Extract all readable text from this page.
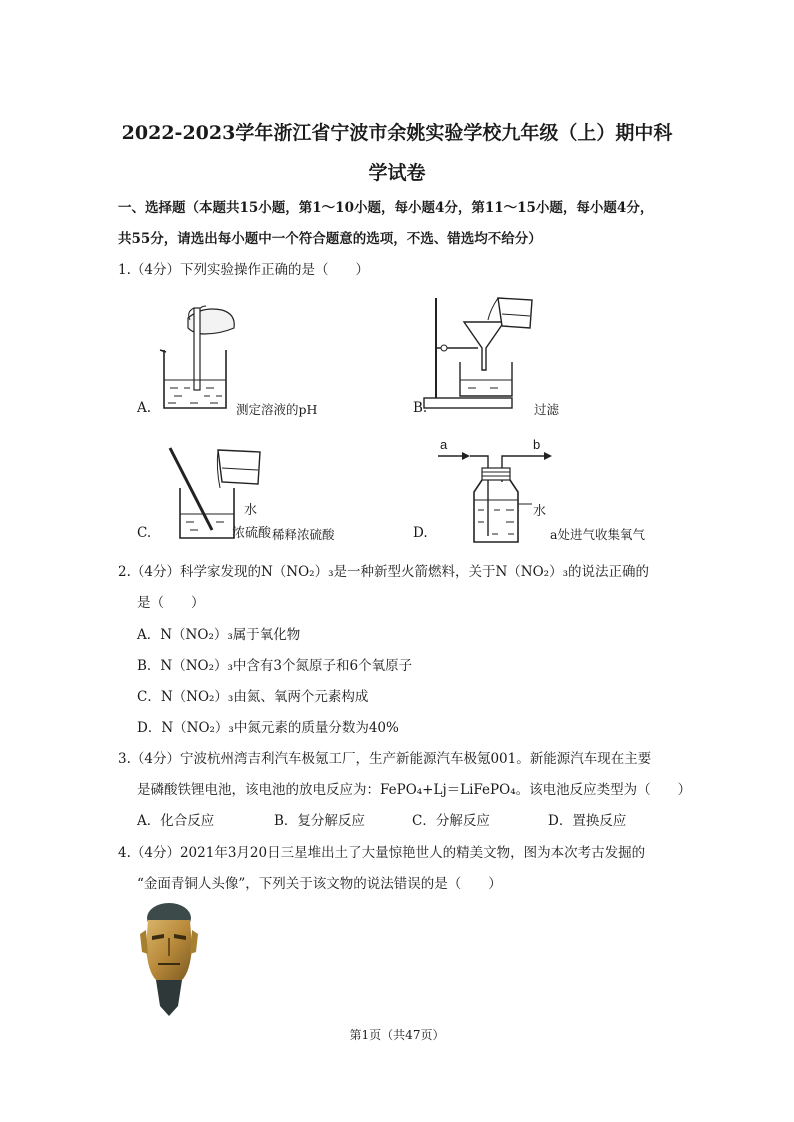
2022-2023学年浙江省宁波市余姚实验学校九年级（上）期中科
学试卷
一、选择题（本题共15小题，第1～10小题，每小题4分，第11～15小题，每小题4分，
共55分，请选出每小题中一个符合题意的选项，不选、错选均不给分）
1.（4分）下列实验操作正确的是（　　）
A.	测定溶液的pH	B.	过滤
水
浓硫酸
C.	稀释浓硫酸
a	b
水
D.	a处进气收集氧气
2.（4分）科学家发现的N（NO₂）₃是一种新型火箭燃料，关于N（NO₂）₃的说法正确的
是（　　）
A．N（NO₂）₃属于氧化物
B．N（NO₂）₃中含有3个氮原子和6个氧原子
C．N（NO₂）₃由氮、氧两个元素构成
D．N（NO₂）₃中氮元素的质量分数为40%
3.（4分）宁波杭州湾吉利汽车极氪工厂，生产新能源汽车极氪001。新能源汽车现在主要
是磷酸铁锂电池，该电池的放电反应为：FePO₄+Lj＝LiFePO₄。该电池反应类型为（　　）
A．化合反应	B．复分解反应	C．分解反应	D．置换反应
4.（4分）2021年3月20日三星堆出土了大量惊艳世人的精美文物，图为本次考古发掘的
“金面青铜人头像”，下列关于该文物的说法错误的是（　　）
第1页（共47页）
